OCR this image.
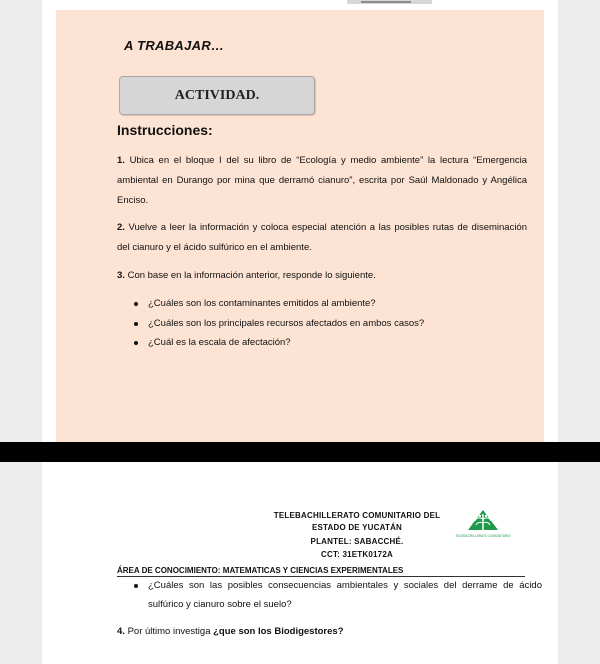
A TRABAJAR…
ACTIVIDAD.
Instrucciones:
1. Ubica en el bloque I del su libro de “Ecología y medio ambiente” la lectura “Emergencia ambiental en Durango por mina que derramó cianuro”, escrita por Saúl Maldonado y Angélica Enciso.
2. Vuelve a leer la información y coloca especial atención a las posibles rutas de diseminación del cianuro y el ácido sulfúrico en el ambiente.
3. Con base en la información anterior, responde lo siguiente.
¿Cuáles son los contaminantes emitidos al ambiente?
¿Cuáles son los principales recursos afectados en ambos casos?
¿Cuál es la escala de afectación?
TELEBACHILLERATO COMUNITARIO DEL
ESTADO DE YUCATÁN
PLANTEL: SABACCHÉ.
CCT: 31ETK0172A
TELEBACHILLERATO COMUNITARIO
ÁREA DE CONOCIMIENTO: MATEMATICAS Y CIENCIAS EXPERIMENTALES
¿Cuáles son las posibles consecuencias ambientales y sociales del derrame de ácido sulfúrico y cianuro sobre el suelo?
4. Por último investiga ¿que son los Biodigestores?
